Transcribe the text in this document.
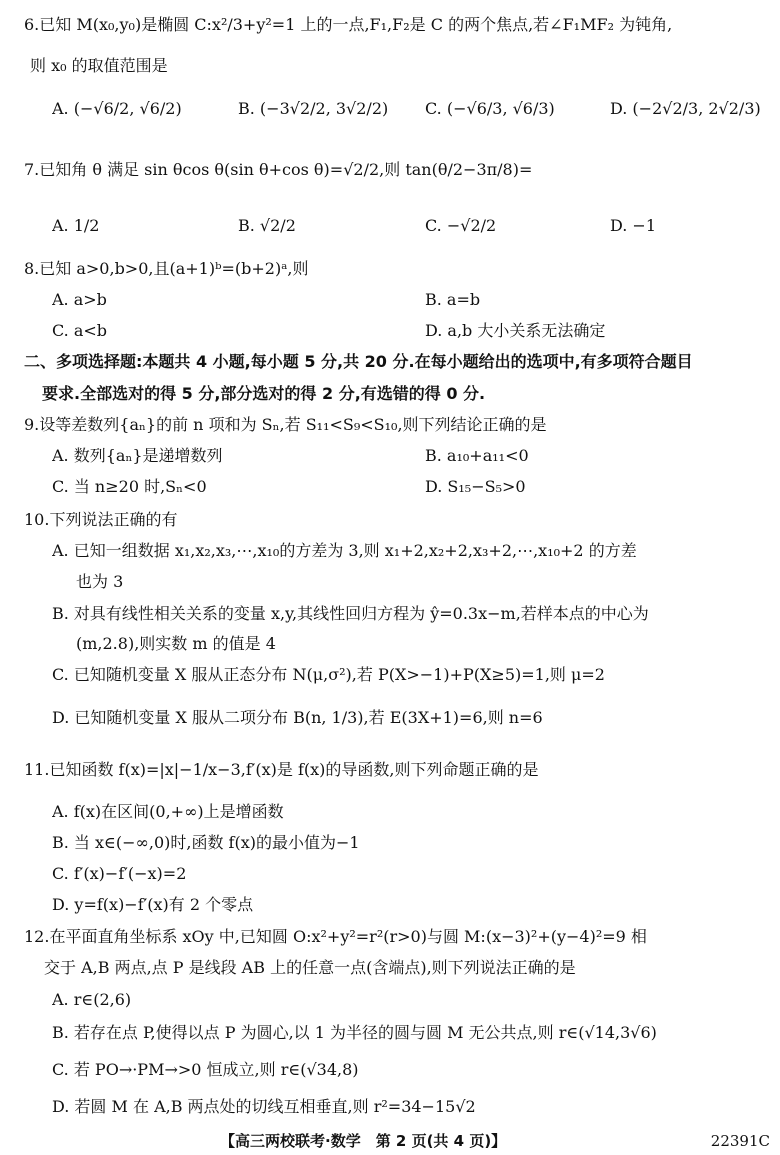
6.已知 M(x₀,y₀)是椭圆 C:x²/3+y²=1 上的一点,F₁,F₂是 C 的两个焦点,若∠F₁MF₂ 为钝角,
则 x₀ 的取值范围是
A. (−√6/2, √6/2)	B. (−3√2/2, 3√2/2) C. (−√6/3, √6/3)	D. (−2√2/3, 2√2/3)
7.已知角 θ 满足 sin θcos θ(sin θ+cos θ)=√2/2,则 tan(θ/2−3π/8)=
A. 1/2	B. √2/2	C. −√2/2	D. −1
8.已知 a>0,b>0,且(a+1)ᵇ=(b+2)ᵃ,则
A. a>b	B. a=b
C. a<b	D. a,b 大小关系无法确定
二、多项选择题:本题共 4 小题,每小题 5 分,共 20 分.在每小题给出的选项中,有多项符合题目
要求.全部选对的得 5 分,部分选对的得 2 分,有选错的得 0 分.
9.设等差数列{aₙ}的前 n 项和为 Sₙ,若 S₁₁<S₉<S₁₀,则下列结论正确的是
A. 数列{aₙ}是递增数列	B. a₁₀+a₁₁<0
C. 当 n≥20 时,Sₙ<0	D. S₁₅−S₅>0
10.下列说法正确的有
A. 已知一组数据 x₁,x₂,x₃,⋯,x₁₀的方差为 3,则 x₁+2,x₂+2,x₃+2,⋯,x₁₀+2 的方差
也为 3
B. 对具有线性相关关系的变量 x,y,其线性回归方程为 ŷ=0.3x−m,若样本点的中心为
(m,2.8),则实数 m 的值是 4
C. 已知随机变量 X 服从正态分布 N(μ,σ²),若 P(X>−1)+P(X≥5)=1,则 μ=2
D. 已知随机变量 X 服从二项分布 B(n, 1/3),若 E(3X+1)=6,则 n=6
11.已知函数 f(x)=|x|−1/x−3,f′(x)是 f(x)的导函数,则下列命题正确的是
A. f(x)在区间(0,+∞)上是增函数
B. 当 x∈(−∞,0)时,函数 f(x)的最小值为−1
C. f′(x)−f′(−x)=2
D. y=f(x)−f′(x)有 2 个零点
12.在平面直角坐标系 xOy 中,已知圆 O:x²+y²=r²(r>0)与圆 M:(x−3)²+(y−4)²=9 相
交于 A,B 两点,点 P 是线段 AB 上的任意一点(含端点),则下列说法正确的是
A. r∈(2,6)
B. 若存在点 P,使得以点 P 为圆心,以 1 为半径的圆与圆 M 无公共点,则 r∈(√14,3√6)
C. 若 PO→·PM→>0 恒成立,则 r∈(√34,8)
D. 若圆 M 在 A,B 两点处的切线互相垂直,则 r²=34−15√2
【高三两校联考·数学　第 2 页(共 4 页)】	22391C
